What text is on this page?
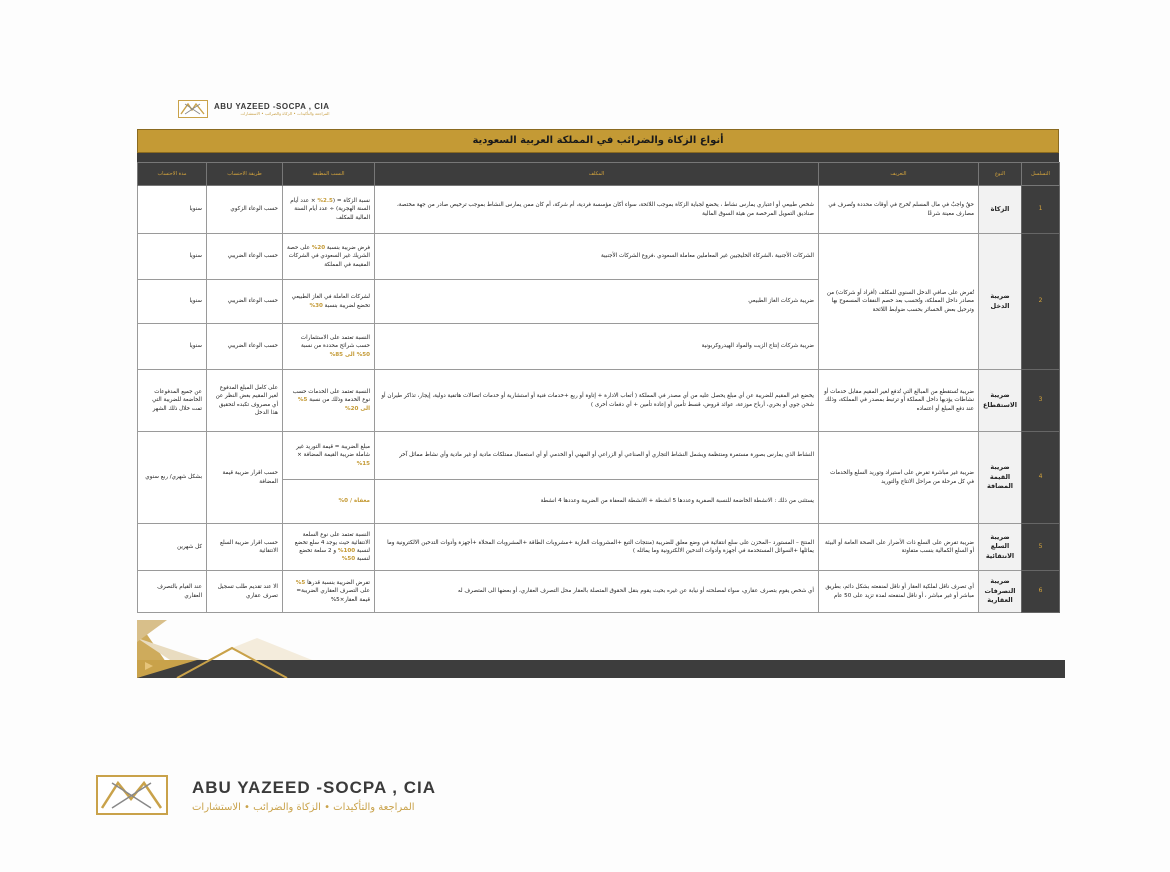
ABU YAZEED -SOCPA , CIA
المراجعة والتأكيدات • الزكاة والضرائب • الاستشارات
أنواع الزكاة والضرائب في المملكة العربية السعودية
التسلسل	النوع	التعريف	المكلف	النسب المطبقة	طريقة الاحتساب	مدة الاحتساب
1	الزكاة	حقٌ واجبٌ في مال المسلم تُخرج في أوقات محددة وتُصرف في مصارف معينة شرعًا	شخص طبيعي أو اعتباري يمارس نشاط ، يخضع لجباية الزكاة بموجب اللائحة، سواء أكان مؤسسة فردية، أم شركة، أم كان ممن يمارس النشاط بموجب ترخيص صادر من جهة مختصة، صناديق التمويل المرخصة من هيئة السوق المالية	نسبة الزكاة = (2.5% × عدد أيام السنة الهجرية) ÷ عدد أيام السنة المالية للمكلف	حسب الوعاء الزكوي	سنويا
2	ضريبة الدخل	تُفرض على صافي الدخل السنوي للمكلف (أفراد أو شركات) من مصادر داخل المملكة، وتُحسب بعد خصم النفقات المسموح بها وترحيل بعض الخسائر بحسب ضوابط اللائحة	الشركات الأجنبية ،الشركاء الخليجيين غير المعاملين معاملة السعودي ،فروع الشركات الأجنبية	فرض ضريبة بنسبة 20% على حصة الشريك غير السعودي في الشركات المقيمة في المملكة	حسب الوعاء الضريبي	سنويا
			ضريبة شركات الغاز الطبيعي	لشركات العاملة في الغاز الطبيعي تخضع لضريبة بنسبة 30%	حسب الوعاء الضريبي	سنويا
			ضريبة شركات إنتاج الزيت والمواد الهيدروكربونية	النسبة تعتمد على الاستثمارات حسب شرائح محددة من نسبة 50% الى 85%	حسب الوعاء الضريبي	سنويا
3	ضريبة الاستقطاع	ضريبة تُستقطع من المبالغ التي تُدفع لغير المقيم مقابل خدمات أو نشاطات يؤديها داخل المملكة أو ترتبط بمصدر في المملكة، وذلك عند دفع المبلغ أو اعتماده	يخضع غير المقيم للضريبة عن أي مبلغ يحصل عليه من أي مصدر في المملكة ( أتعاب الادارة + إتاوة أو ريع +خدمات فنية أو استشارية أو خدمات اتصالات هاتفية دولية، إيجار، تذاكر طيران أو شحن جوي أو بحري، أرباح موزعة، عوائد قروض، قسط تأمين أو إعادة تأمين + أي دفعات أخرى )	النسبة تعتمد على الخدمات حسب نوع الخدمة وذلك من نسبة 5% الى 20%	على كامل المبلغ المدفوع لغير المقيم بغض النظر عن أي مصروف تكبده لتحقيق هذا الدخل	عن جميع المدفوعات الخاضعة للضريبة التي تمت خلال ذلك الشهر
4	ضريبة القيمة المضافة	ضريبة غير مباشرة تفرض على استيراد وتوريد السلع والخدمات في كل مرحلة من مراحل الانتاج والتوريد	النشاط الذي يمارس بصورة مستمرة ومنتظمة ويشمل النشاط التجاري أو الصناعي أو الزراعي أو المهني أو الخدمي أو أي استعمال ممتلكات مادية أو غير مادية وأي نشاط مماثل آخر	مبلغ الضريبة = قيمة التوريد غير شاملة ضريبة القيمة المضافة × 15%	حسب اقرار ضريبة قيمة المضافة	بشكل شهري/ ربع سنوي
			يستثنى من ذلك : الانشطة الخاضعة للنسبة الصفرية وعددها 5 انشطة + الانشطة المعفاة من الضريبة وعددها 4 انشطة	معفاة / 0%		
5	ضريبة السلع الانتقائية	ضريبة تفرض على السلع ذات الأضرار على الصحة العامة أو البيئة أو السلع الكمالية بنسب متفاوتة	المنتج – المستورد –المخزن على سلع انتقائية في وضع معلق للضريبة (منتجات التبغ +المشروبات الغازية +مشروبات الطاقة +المشروبات المحلاة +أجهزة وأدوات التدخين الالكترونية وما يماثلها +السوائل المستخدمة في أجهزة وأدوات التدخين الالكترونية وما يماثله )	النسبة تعتمد على نوع السلعة الانتقائية حيث يوجد 4 سلع تخضع لنسبة 100% و 2 سلعة تخضع لنسبة 50%	حسب اقرار ضريبة السلع الانتقائية	كل شهرين
6	ضريبة التصرفات العقارية	أي تصرف ناقل لملكية العقار أو ناقل لمنفعته بشكل دائم، بطريق مباشر أو غير مباشر ، أو ناقل لمنفعته لمدة تزيد على 50 عام	أي شخص يقوم بتصرف عقاري، سواء لمصلحته أو نيابة عن غيره بحيث يقوم بنقل الحقوق المتصلة بالعقار محل التصرف العقاري، أو بعضها الى المتصرف له	تفرض الضريبة بنسبة قدرها 5% على التصرف العقاري الضريبة= قيمة العقار×5%	الا عند تقديم طلب تسجيل تصرف عقاري	عند القيام بالتصرف العقاري
ABU YAZEED -SOCPA , CIA
المراجعة والتأكيدات • الزكاة والضرائب • الاستشارات
